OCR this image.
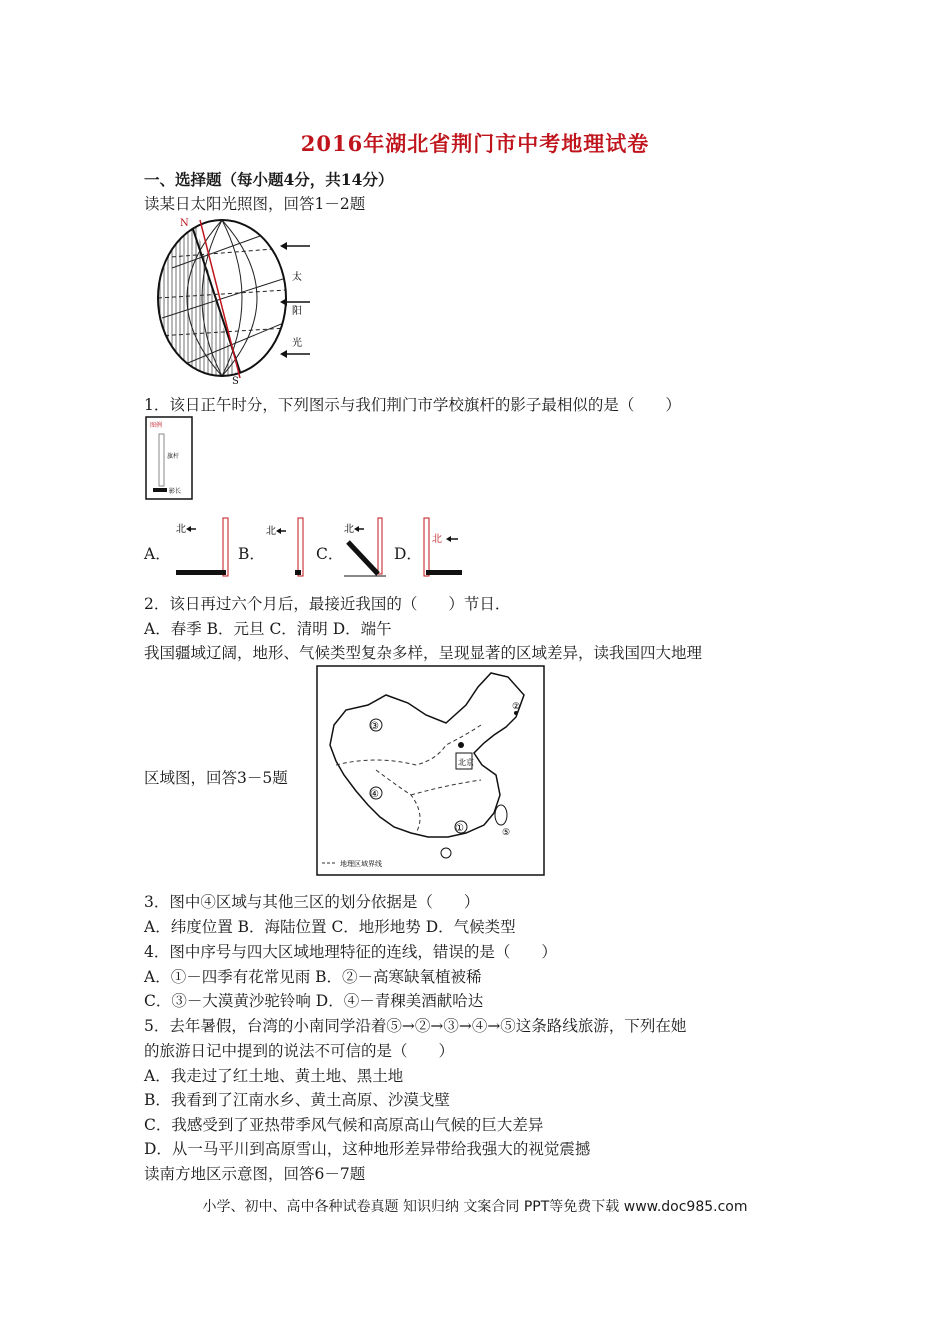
2016年湖北省荆门市中考地理试卷
一、选择题（每小题4分，共14分）
读某日太阳光照图，回答1－2题
N
S
太
阳
光
1．该日正午时分，下列图示与我们荆门市学校旗杆的影子最相似的是（　　）
图例
旗杆
影长
A．
北
B．
北
C．
北
D．
北
2．该日再过六个月后，最接近我国的（　　）节日．
A．春季 B．元旦 C．清明 D．端午
我国疆域辽阔，地形、气候类型复杂多样，呈现显著的区域差异，读我国四大地理
区域图，回答3－5题
③
④
①
②
⑤
北京
地理区域界线
3．图中④区域与其他三区的划分依据是（　　）
A．纬度位置 B．海陆位置 C．地形地势 D．气候类型
4．图中序号与四大区域地理特征的连线，错误的是（　　）
A．①－四季有花常见雨 B．②－高寒缺氧植被稀
C．③－大漠黄沙驼铃响 D．④－青稞美酒献哈达
5．去年暑假，台湾的小南同学沿着⑤→②→③→④→⑤这条路线旅游，下列在她
的旅游日记中提到的说法不可信的是（　　）
A．我走过了红土地、黄土地、黑土地
B．我看到了江南水乡、黄土高原、沙漠戈壁
C．我感受到了亚热带季风气候和高原高山气候的巨大差异
D．从一马平川到高原雪山，这种地形差异带给我强大的视觉震撼
读南方地区示意图，回答6－7题
小学、初中、高中各种试卷真题 知识归纳 文案合同 PPT等免费下载 www.doc985.com
